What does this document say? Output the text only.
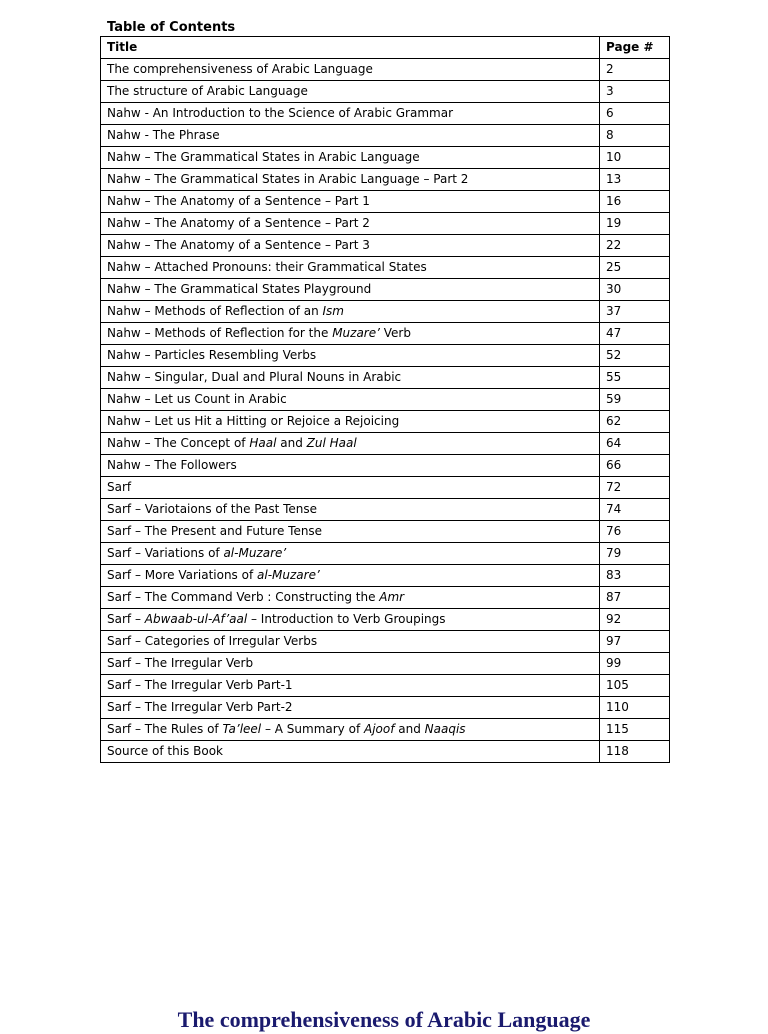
Table of Contents
Title	Page #
The comprehensiveness of Arabic Language	2
The structure of Arabic Language	3
Nahw - An Introduction to the Science of Arabic Grammar	6
Nahw - The Phrase	8
Nahw – The Grammatical States in Arabic Language	10
Nahw – The Grammatical States in Arabic Language – Part 2	13
Nahw – The Anatomy of a Sentence – Part 1	16
Nahw – The Anatomy of a Sentence – Part 2	19
Nahw – The Anatomy of a Sentence – Part 3	22
Nahw – Attached Pronouns: their Grammatical States	25
Nahw – The Grammatical States Playground	30
Nahw – Methods of Reflection of an Ism	37
Nahw – Methods of Reflection for the Muzare’ Verb	47
Nahw – Particles Resembling Verbs	52
Nahw – Singular, Dual and Plural Nouns in Arabic	55
Nahw – Let us Count in Arabic	59
Nahw – Let us Hit a Hitting or Rejoice a Rejoicing	62
Nahw – The Concept of Haal and Zul Haal	64
Nahw – The Followers	66
Sarf	72
Sarf – Variotaions of the Past Tense	74
Sarf – The Present and Future Tense	76
Sarf – Variations of al-Muzare’	79
Sarf – More Variations of al-Muzare’	83
Sarf – The Command Verb : Constructing the Amr	87
Sarf – Abwaab-ul-Af’aal – Introduction to Verb Groupings	92
Sarf – Categories of Irregular Verbs	97
Sarf – The Irregular Verb	99
Sarf – The Irregular Verb Part-1	105
Sarf – The Irregular Verb Part-2	110
Sarf – The Rules of Ta’leel – A Summary of Ajoof and Naaqis	115
Source of this Book	118
The comprehensiveness of Arabic Language
